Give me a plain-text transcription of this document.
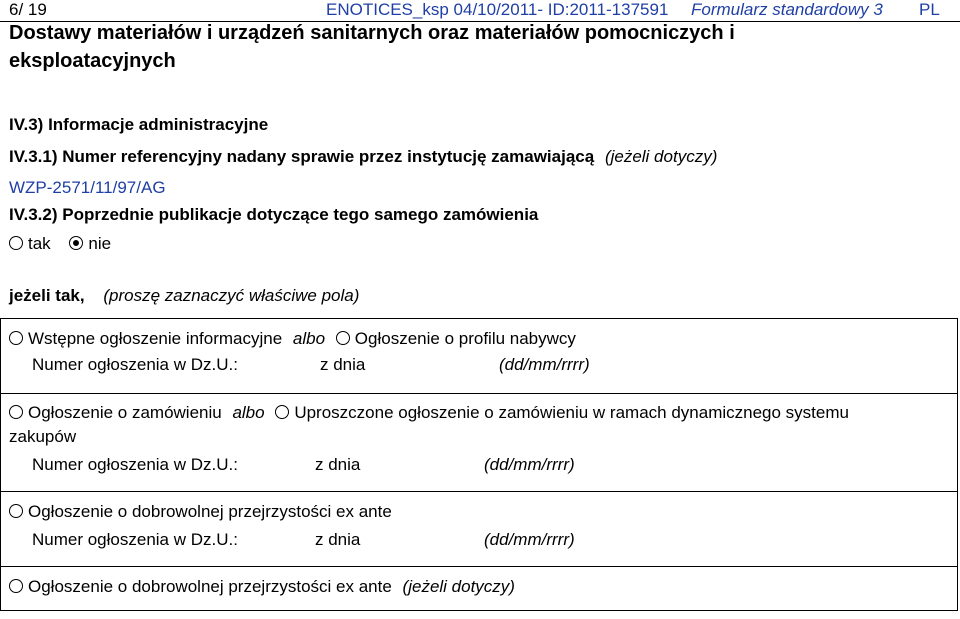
6/ 19	ENOTICES_ksp 04/10/2011- ID:2011-137591 Formularz standardowy 3 PL
Dostawy materiałów i urządzeń sanitarnych oraz materiałów pomocniczych i
eksploatacyjnych
IV.3) Informacje administracyjne
IV.3.1) Numer referencyjny nadany sprawie przez instytucję zamawiającą (jeżeli dotyczy)
WZP-2571/11/97/AG
IV.3.2) Poprzednie publikacje dotyczące tego samego zamówienia
tak nie
jeżeli tak, (proszę zaznaczyć właściwe pola)
Wstępne ogłoszenie informacyjne albo Ogłoszenie o profilu nabywcy
Numer ogłoszenia w Dz.U.:	z dnia	(dd/mm/rrrr)
Ogłoszenie o zamówieniu albo Uproszczone ogłoszenie o zamówieniu w ramach dynamicznego systemu
zakupów
Numer ogłoszenia w Dz.U.:	z dnia	(dd/mm/rrrr)
Ogłoszenie o dobrowolnej przejrzystości ex ante
Numer ogłoszenia w Dz.U.:	z dnia	(dd/mm/rrrr)
Ogłoszenie o dobrowolnej przejrzystości ex ante (jeżeli dotyczy)
